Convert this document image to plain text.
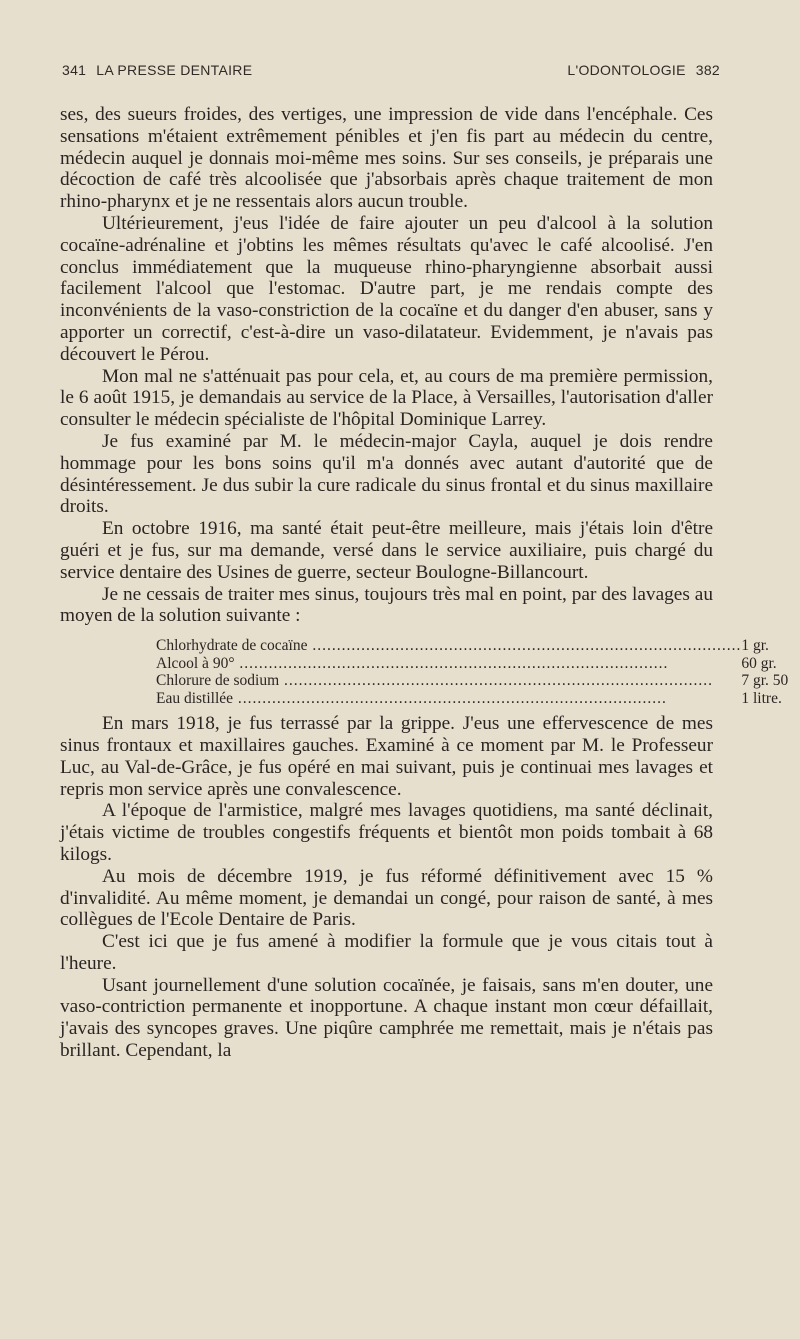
341 LA PRESSE DENTAIRE	L'ODONTOLOGIE 382

ses, des sueurs froides, des vertiges, une impression de vide dans l'encéphale. Ces sensations m'étaient extrêmement pénibles et j'en fis part au médecin du centre, médecin auquel je donnais moi-même mes soins. Sur ses conseils, je préparais une décoction de café très alcoolisée que j'absorbais après chaque traitement de mon rhino-pharynx et je ne ressentais alors aucun trouble.

Ultérieurement, j'eus l'idée de faire ajouter un peu d'alcool à la solution cocaïne-adrénaline et j'obtins les mêmes résultats qu'avec le café alcoolisé. J'en conclus immédiatement que la muqueuse rhino-pharyngienne absorbait aussi facilement l'alcool que l'estomac. D'autre part, je me rendais compte des inconvénients de la vaso-constriction de la cocaïne et du danger d'en abuser, sans y apporter un correctif, c'est-à-dire un vaso-dilatateur. Evidemment, je n'avais pas découvert le Pérou.

Mon mal ne s'atténuait pas pour cela, et, au cours de ma première permission, le 6 août 1915, je demandais au service de la Place, à Versailles, l'autorisation d'aller consulter le médecin spécialiste de l'hôpital Dominique Larrey.

Je fus examiné par M. le médecin-major Cayla, auquel je dois rendre hommage pour les bons soins qu'il m'a donnés avec autant d'autorité que de désintéressement. Je dus subir la cure radicale du sinus frontal et du sinus maxillaire droits.

En octobre 1916, ma santé était peut-être meilleure, mais j'étais loin d'être guéri et je fus, sur ma demande, versé dans le service auxiliaire, puis chargé du service dentaire des Usines de guerre, secteur Boulogne-Billancourt.

Je ne cessais de traiter mes sinus, toujours très mal en point, par des lavages au moyen de la solution suivante :

Chlorhydrate de cocaïne .....	1 gr.
Alcool à 90° .....	60 gr.
Chlorure de sodium .....	7 gr. 50
Eau distillée .....	1 litre.

En mars 1918, je fus terrassé par la grippe. J'eus une effervescence de mes sinus frontaux et maxillaires gauches. Examiné à ce moment par M. le Professeur Luc, au Val-de-Grâce, je fus opéré en mai suivant, puis je continuai mes lavages et repris mon service après une convalescence.

A l'époque de l'armistice, malgré mes lavages quotidiens, ma santé déclinait, j'étais victime de troubles congestifs fréquents et bientôt mon poids tombait à 68 kilogs.

Au mois de décembre 1919, je fus réformé définitivement avec 15 % d'invalidité. Au même moment, je demandai un congé, pour raison de santé, à mes collègues de l'Ecole Dentaire de Paris.

C'est ici que je fus amené à modifier la formule que je vous citais tout à l'heure.

Usant journellement d'une solution cocaïnée, je faisais, sans m'en douter, une vaso-contriction permanente et inopportune. A chaque instant mon cœur défaillait, j'avais des syncopes graves. Une piqûre camphrée me remettait, mais je n'étais pas brillant. Cependant, la
